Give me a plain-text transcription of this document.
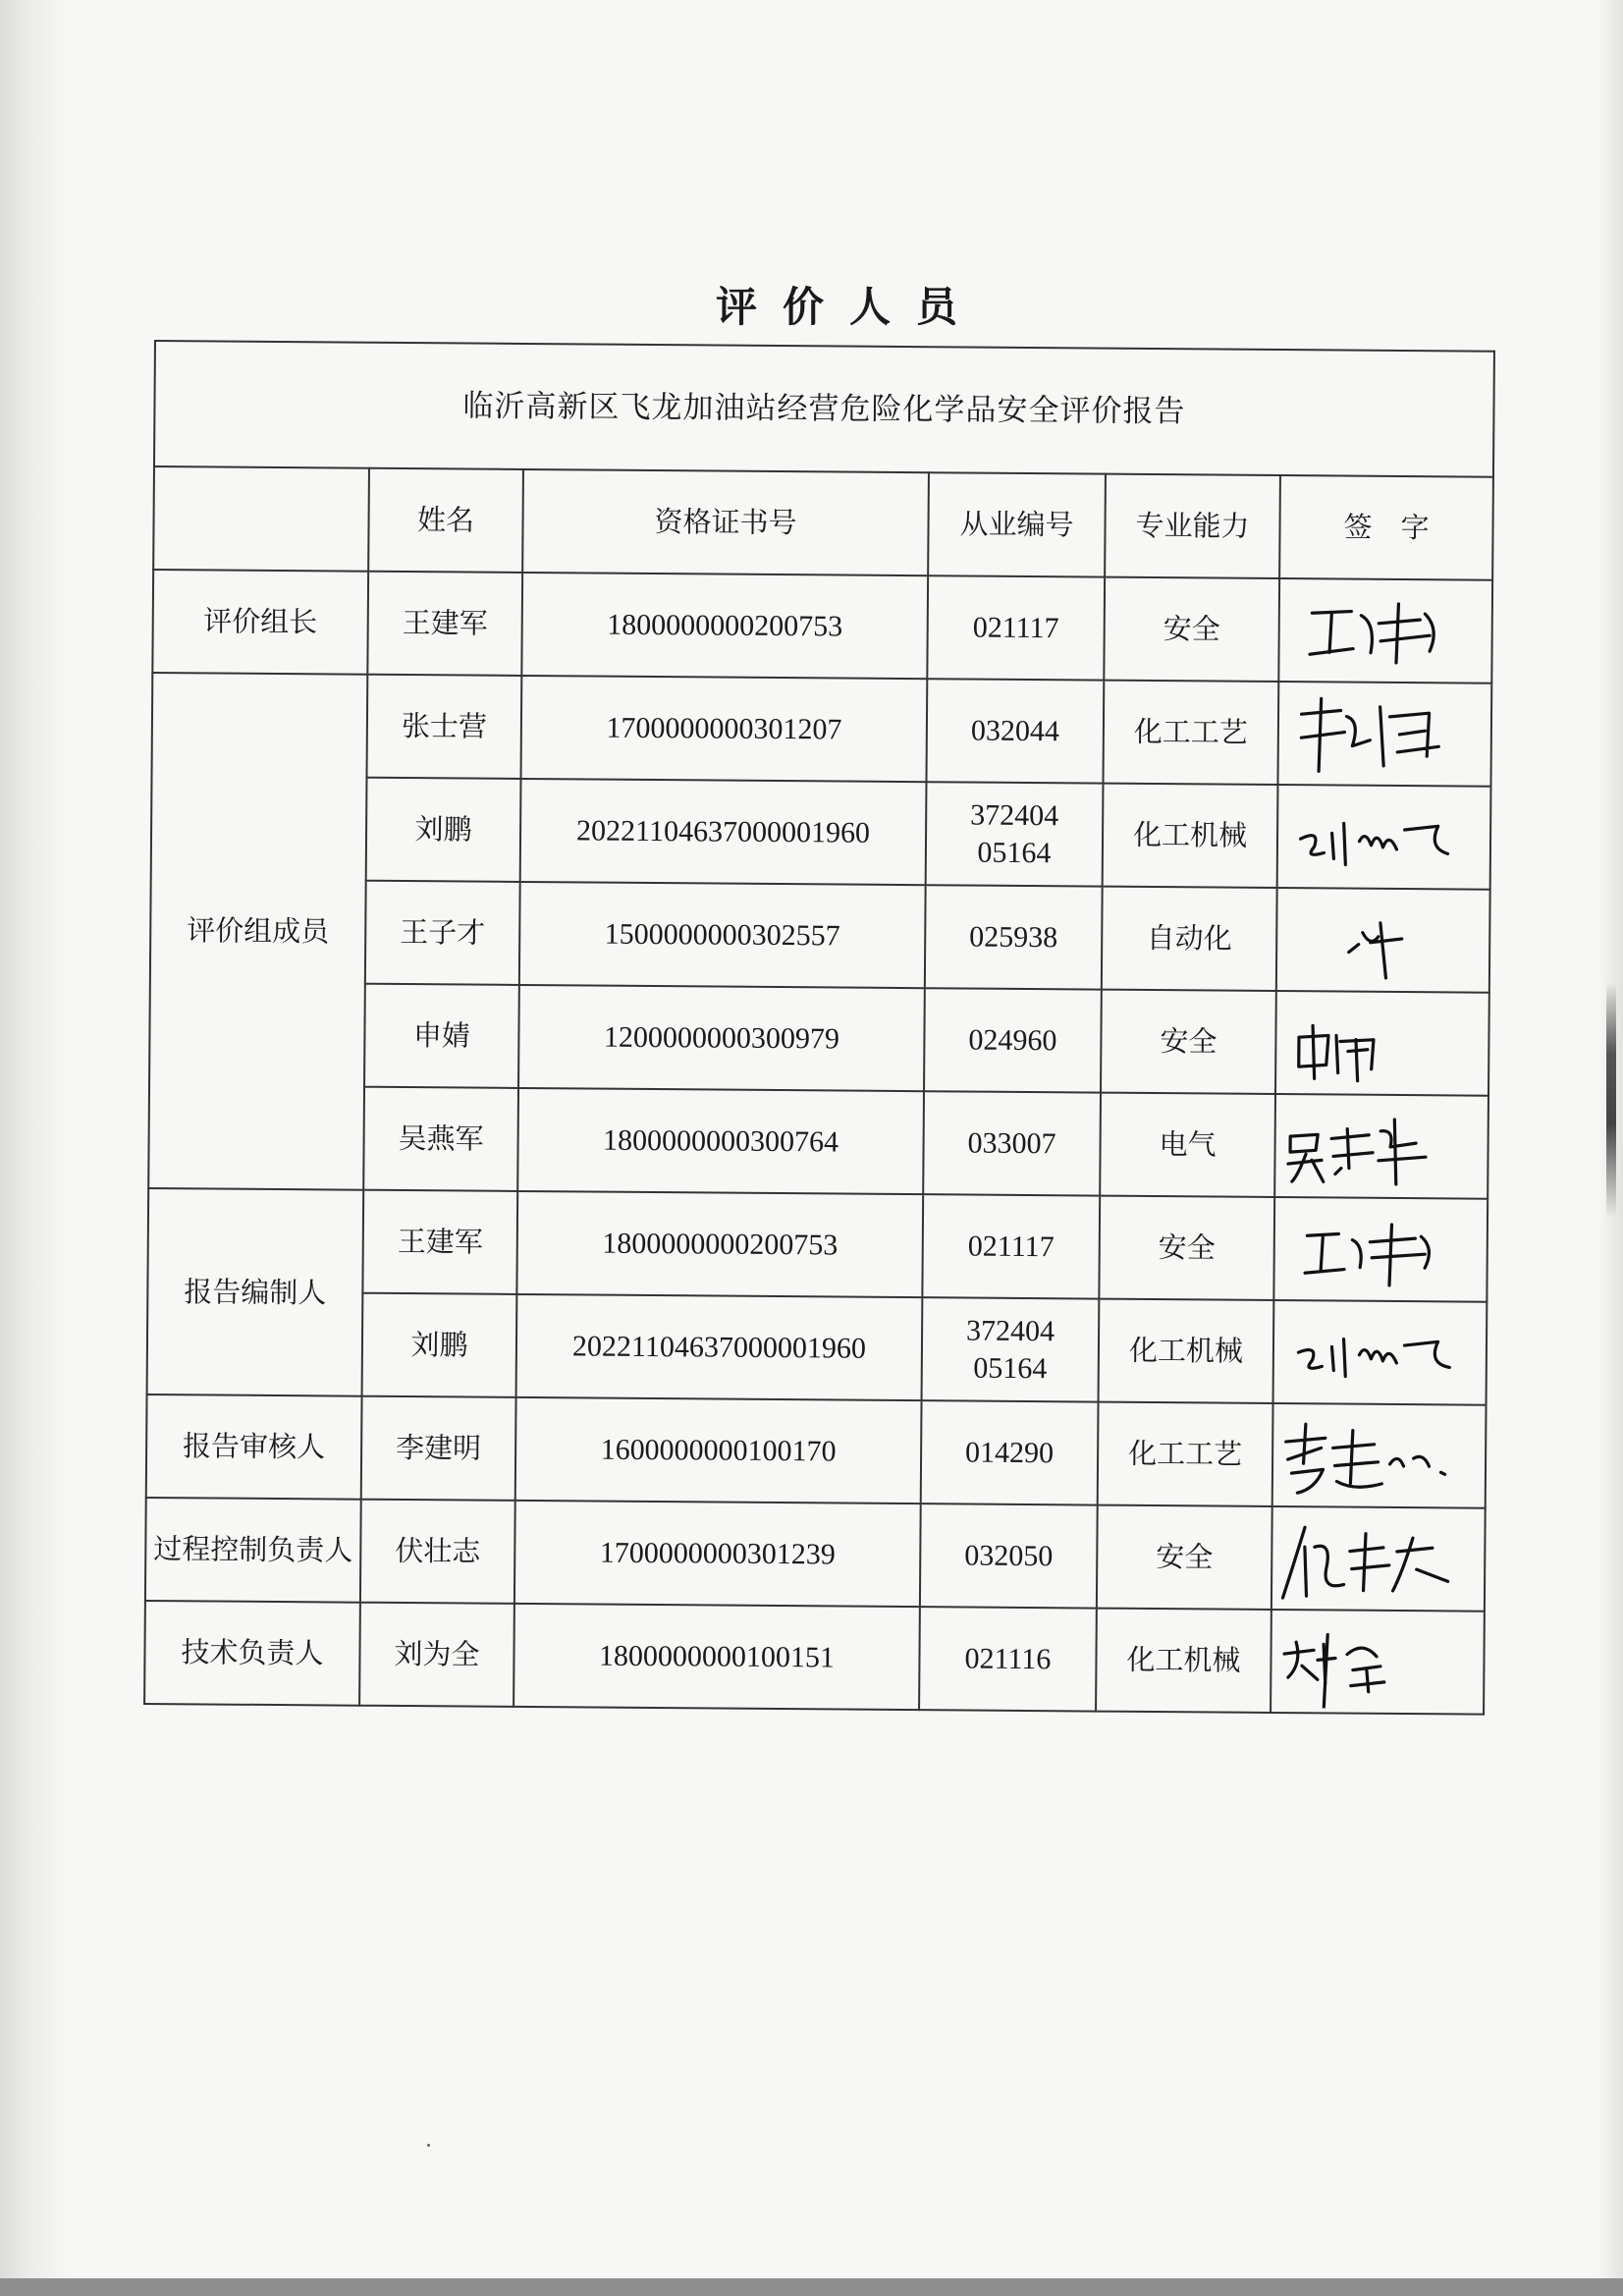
评价人员
临沂高新区飞龙加油站经营危险化学品安全评价报告					
	姓名	资格证书号	从业编号	专业能力	签　字
评价组长	王建军	1800000000200753	021117	安全	

评价组成员	张士营	1700000000301207	032044	化工工艺	

	刘鹏	20221104637000001960	372404
05164	化工机械	

	王子才	1500000000302557	025938	自动化	

	申婧	1200000000300979	024960	安全	

	吴燕军	1800000000300764	033007	电气	

报告编制人	王建军	1800000000200753	021117	安全	

	刘鹏	20221104637000001960	372404
05164	化工机械	

报告审核人	李建明	1600000000100170	014290	化工工艺	

过程控制负责人	伏壮志	1700000000301239	032050	安全	

技术负责人	刘为全	1800000000100151	021116	化工机械	
